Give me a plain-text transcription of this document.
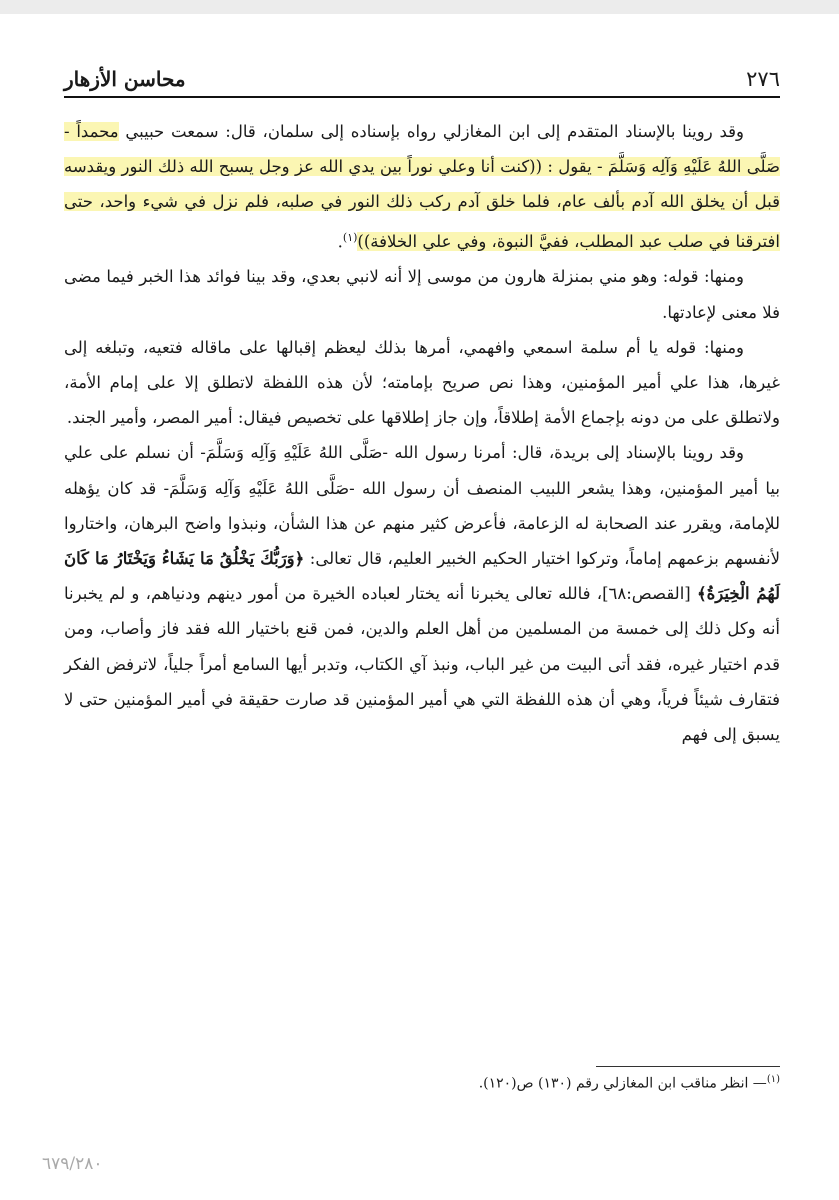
محاسن الأزهار	٢٧٦

وقد روينا بالإسناد المتقدم إلى ابن المغازلي رواه بإسناده إلى سلمان، قال: سمعت حبيبي محمداً - صَلَّى اللهُ عَلَيْهِ وَآلِه وَسَلَّمَ - يقول : ((كنت أنا وعلي نوراً بين يدي الله عز وجل يسبح الله ذلك النور ويقدسه قبل أن يخلق الله آدم بألف عام، فلما خلق آدم ركب ذلك النور في صلبه، فلم نزل في شيء واحد، حتى افترقنا في صلب عبد المطلب، ففيَّ النبوة، وفي علي الخلافة))$^{(١)}$.

ومنها: قوله: وهو مني بمنزلة هارون من موسى إلا أنه لانبي بعدي، وقد بينا فوائد هذا الخبر فيما مضى فلا معنى لإعادتها.

ومنها: قوله يا أم سلمة اسمعي وافهمي، أمرها بذلك ليعظم إقبالها على ماقاله فتعيه، وتبلغه إلى غيرها، هذا علي أمير المؤمنين، وهذا نص صريح بإمامته؛ لأن هذه اللفظة لاتطلق إلا على إمام الأمة، ولاتطلق على من دونه بإجماع الأمة إطلاقاً، وإن جاز إطلاقها على تخصيص فيقال: أمير المصر، وأمير الجند.

وقد روينا بالإسناد إلى بريدة، قال: أمرنا رسول الله -صَلَّى اللهُ عَلَيْهِ وَآلِه وَسَلَّمَ- أن نسلم على علي بيا أمير المؤمنين، وهذا يشعر اللبيب المنصف أن رسول الله -صَلَّى اللهُ عَلَيْهِ وَآلِه وَسَلَّمَ- قد كان يؤهله للإمامة، ويقرر عند الصحابة له الزعامة، فأعرض كثير منهم عن هذا الشأن، ونبذوا واضح البرهان، واختاروا لأنفسهم بزعمهم إماماً، وتركوا اختيار الحكيم الخبير العليم، قال تعالى: ﴿وَرَبُّكَ يَخْلُقُ مَا يَشَاءُ وَيَخْتَارُ مَا كَانَ لَهُمُ الْخِيَرَةُ﴾ [القصص:٦٨]، فالله تعالى يخبرنا أنه يختار لعباده الخيرة من أمور دينهم ودنياهم، و لم يخبرنا أنه وكل ذلك إلى خمسة من المسلمين من أهل العلم والدين، فمن قنع باختيار الله فقد فاز وأصاب، ومن قدم اختيار غيره، فقد أتى البيت من غير الباب، ونبذ آي الكتاب، وتدبر أيها السامع أمراً جلياً، لاترفض الفكر فتقارف شيئاً فرياً، وهي أن هذه اللفظة التي هي أمير المؤمنين قد صارت حقيقة في أمير المؤمنين حتى لا يسبق إلى فهم

$^{(١)}$— انظر مناقب ابن المغازلي رقم (١٣٠) ص(١٢٠).
٦٧٩/٢٨٠
